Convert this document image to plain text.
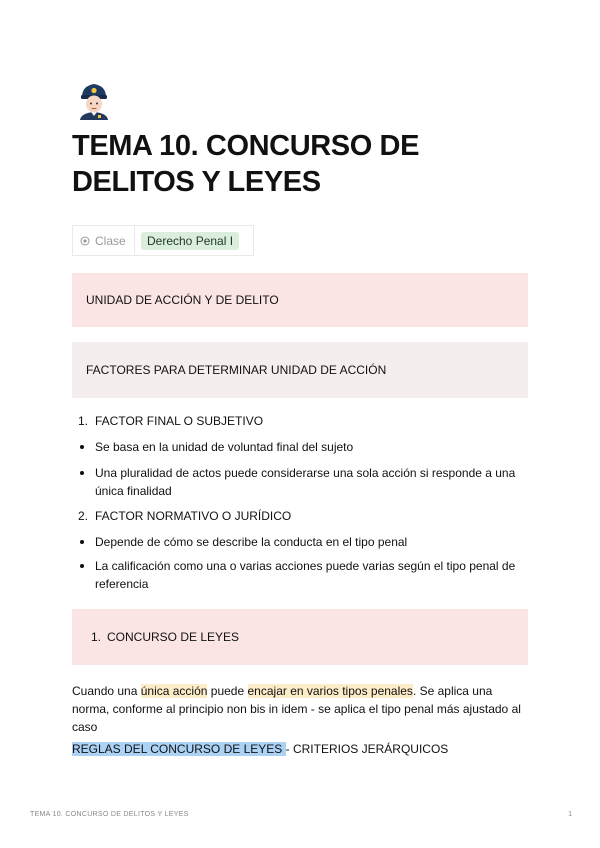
TEMA 10. CONCURSO DE DELITOS Y LEYES
Clase	Derecho Penal I
UNIDAD DE ACCIÓN Y DE DELITO
FACTORES PARA DETERMINAR UNIDAD DE ACCIÓN
1. FACTOR FINAL O SUBJETIVO
Se basa en la unidad de voluntad final del sujeto
Una pluralidad de actos puede considerarse una sola acción si responde a una única finalidad
2. FACTOR NORMATIVO O JURÍDICO
Depende de cómo se describe la conducta en el tipo penal
La calificación como una o varias acciones puede varias según el tipo penal de referencia
1. CONCURSO DE LEYES
Cuando una única acción puede encajar en varios tipos penales. Se aplica una norma, conforme al principio non bis in idem - se aplica el tipo penal más ajustado al caso
REGLAS DEL CONCURSO DE LEYES - CRITERIOS JERÁRQUICOS
TEMA 10. CONCURSO DE DELITOS Y LEYES	1
